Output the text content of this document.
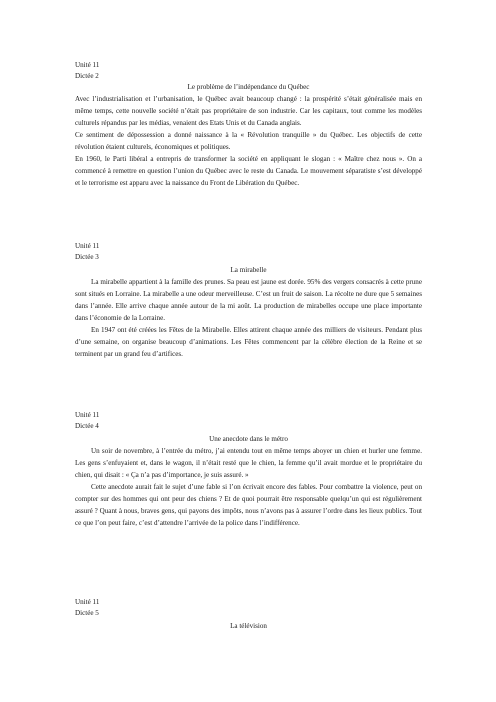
Unité 11

Dictée 2

Le problème de l’indépendance du Québec

Avec l’industrialisation et l’urbanisation, le Québec avait beaucoup changé : la prospérité s’était généralisée mais en même temps, cette nouvelle société n’était pas propriétaire de son industrie. Car les capitaux, tout comme les modèles culturels répandus par les médias, venaient des Etats Unis et du Canada anglais.

Ce sentiment de dépossession a donné naissance à la « Révolution tranquille » du Québec. Les objectifs de cette révolution étaient culturels, économiques et politiques.

En 1960, le Parti libéral a entrepris de transformer la société en appliquant le slogan : « Maître chez nous ». On a commencé à remettre en question l’union du Québec avec le reste du Canada. Le mouvement séparatiste s’est développé et le terrorisme est apparu avec la naissance du Front de Libération du Québec.

Unité 11

Dictée 3

La mirabelle

La mirabelle appartient à la famille des prunes. Sa peau est jaune est dorée. 95% des vergers consacrés à cette prune sont situés en Lorraine. La mirabelle a une odeur merveilleuse. C’est un fruit de saison. La récolte ne dure que 5 semaines dans l’année. Elle arrive chaque année autour de la mi août. La production de mirabelles occupe une place importante dans l’économie de la Lorraine.

En 1947 ont été créées les Fêtes de la Mirabelle. Elles attirent chaque année des milliers de visiteurs. Pendant plus d’une semaine, on organise beaucoup d’animations. Les Fêtes commencent par la célèbre élection de la Reine et se terminent par un grand feu d’artifices.

Unité 11

Dictée 4

Une anecdote dans le métro

Un soir de novembre, à l’entrée du métro, j’ai entendu tout en même temps aboyer un chien et hurler une femme. Les gens s’enfuyaient et, dans le wagon, il n’était resté que le chien, la femme qu’il avait mordue et le propriétaire du chien, qui disait : « Ça n’a pas d’importance, je suis assuré. »

Cette anecdote aurait fait le sujet d’une fable si l’on écrivait encore des fables. Pour combattre la violence, peut on compter sur des hommes qui ont peur des chiens ? Et de quoi pourrait être responsable quelqu’un qui est régulièrement assuré ? Quant à nous, braves gens, qui payons des impôts, nous n’avons pas à assurer l’ordre dans les lieux publics. Tout ce que l’on peut faire, c’est d’attendre l’arrivée de la police dans l’indifférence.

Unité 11

Dictée 5

La télévision
